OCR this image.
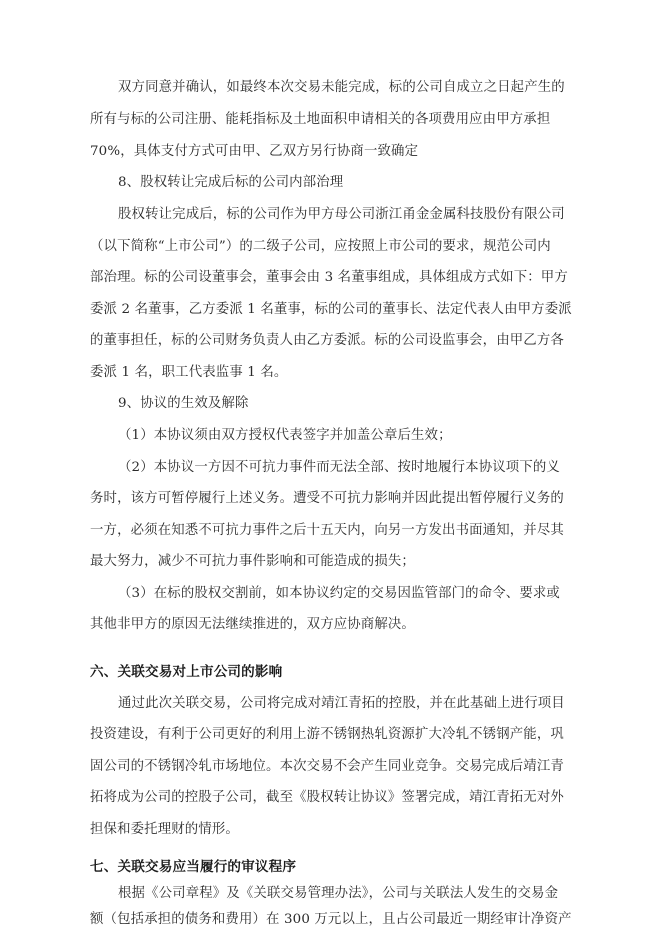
双方同意并确认，如最终本次交易未能完成，标的公司自成立之日起产生的
所有与标的公司注册、能耗指标及土地面积申请相关的各项费用应由甲方承担
70%，具体支付方式可由甲、乙双方另行协商一致确定
8、股权转让完成后标的公司内部治理
股权转让完成后，标的公司作为甲方母公司浙江甬金金属科技股份有限公司
（以下简称“上市公司”）的二级子公司，应按照上市公司的要求，规范公司内
部治理。标的公司设董事会，董事会由 3 名董事组成，具体组成方式如下：甲方
委派 2 名董事，乙方委派 1 名董事，标的公司的董事长、法定代表人由甲方委派
的董事担任，标的公司财务负责人由乙方委派。标的公司设监事会，由甲乙方各
委派 1 名，职工代表监事 1 名。
9、协议的生效及解除
（1）本协议须由双方授权代表签字并加盖公章后生效；
（2）本协议一方因不可抗力事件而无法全部、按时地履行本协议项下的义
务时，该方可暂停履行上述义务。遭受不可抗力影响并因此提出暂停履行义务的
一方，必须在知悉不可抗力事件之后十五天内，向另一方发出书面通知，并尽其
最大努力，减少不可抗力事件影响和可能造成的损失；
（3）在标的股权交割前，如本协议约定的交易因监管部门的命令、要求或
其他非甲方的原因无法继续推进的，双方应协商解决。
六、关联交易对上市公司的影响
通过此次关联交易，公司将完成对靖江青拓的控股，并在此基础上进行项目
投资建设，有利于公司更好的利用上游不锈钢热轧资源扩大冷轧不锈钢产能，巩
固公司的不锈钢冷轧市场地位。本次交易不会产生同业竞争。交易完成后靖江青
拓将成为公司的控股子公司，截至《股权转让协议》签署完成，靖江青拓无对外
担保和委托理财的情形。
七、关联交易应当履行的审议程序
根据《公司章程》及《关联交易管理办法》，公司与关联法人发生的交易金
额（包括承担的债务和费用）在 300 万元以上，且占公司最近一期经审计净资产
